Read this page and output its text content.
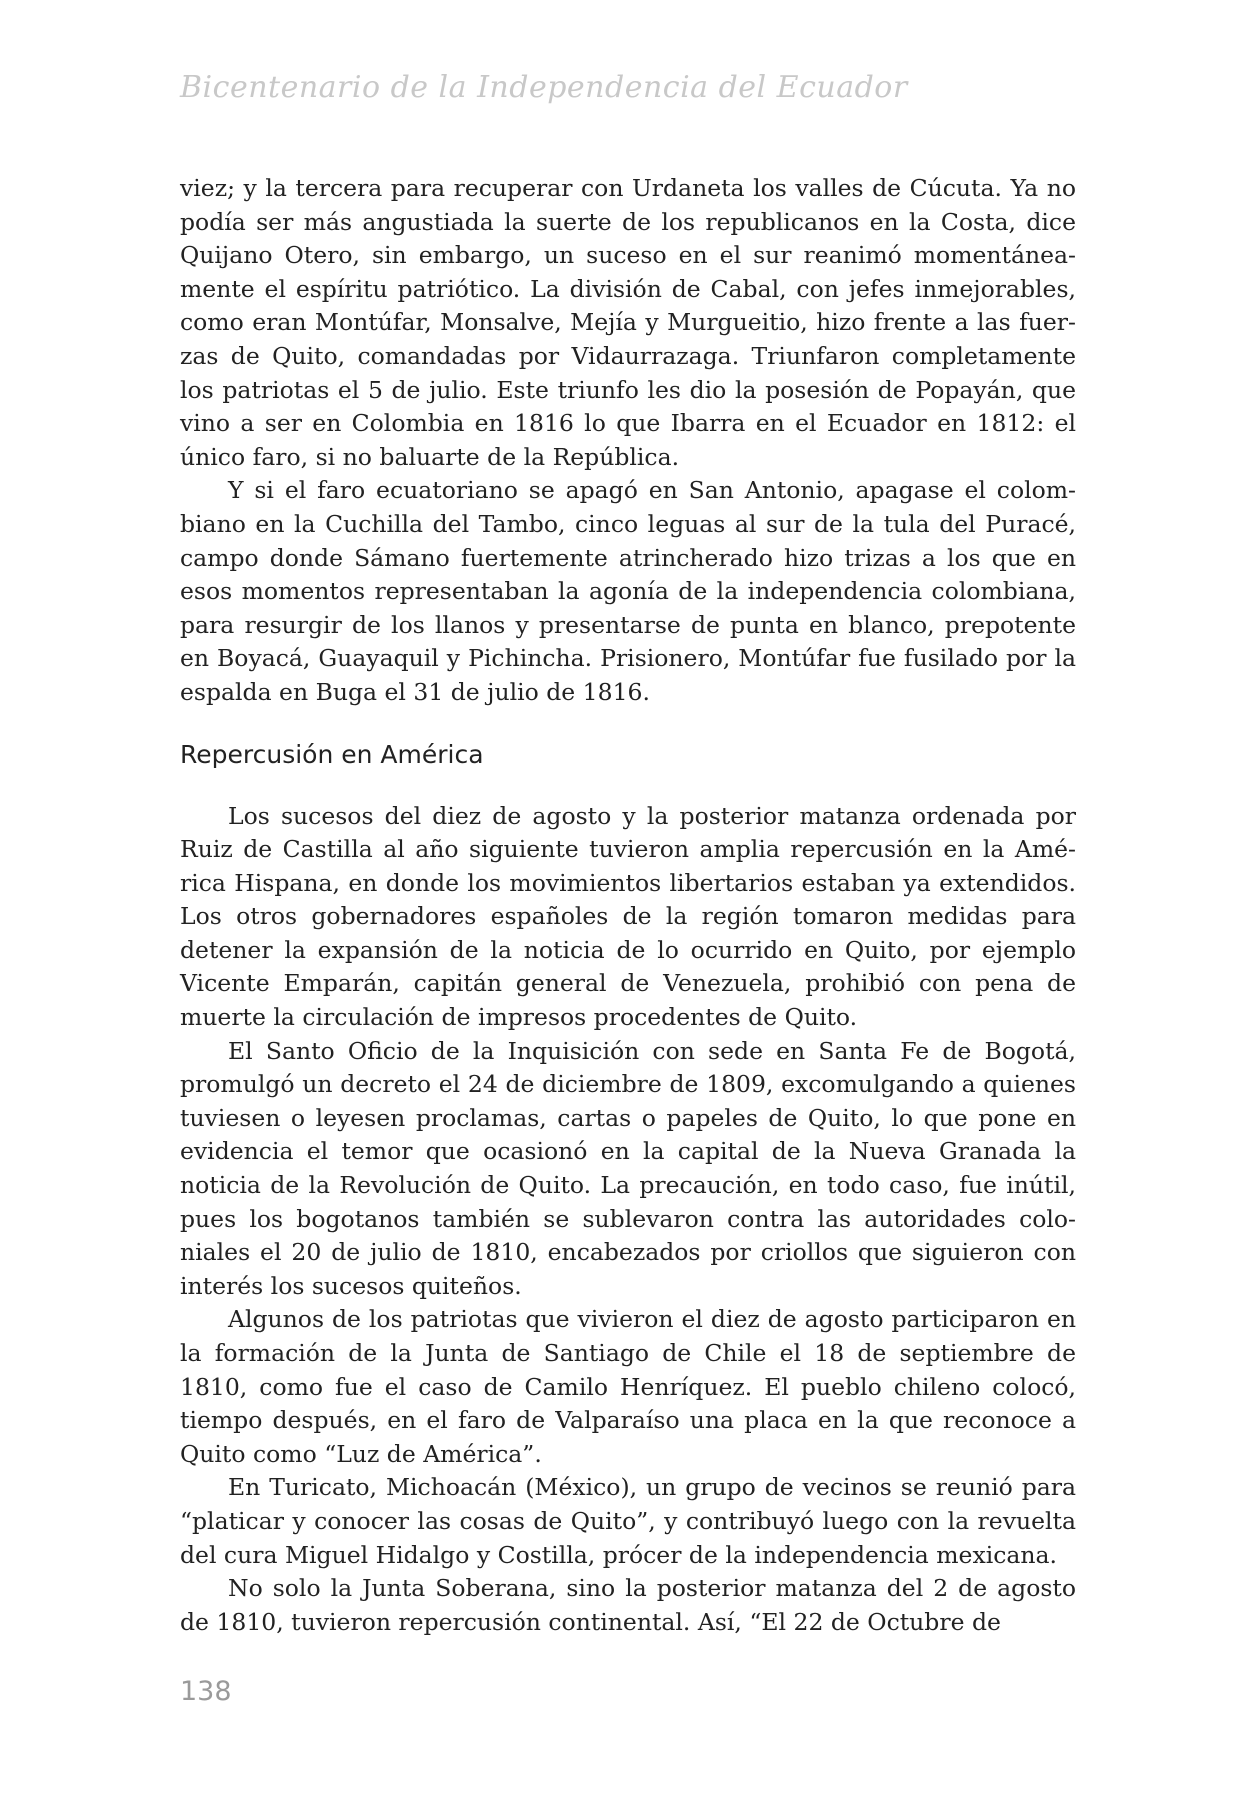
Bicentenario de la Independencia del Ecuador

viez; y la tercera para recuperar con Urdaneta los valles de Cúcuta. Ya no podía ser más angustiada la suerte de los republicanos en la Costa, dice Quijano Otero, sin embargo, un suceso en el sur reanimó momentáneamente el espíritu patriótico. La división de Cabal, con jefes inmejorables, como eran Montúfar, Monsalve, Mejía y Murgueitio, hizo frente a las fuerzas de Quito, comandadas por Vidaurrazaga. Triunfaron completamente los patriotas el 5 de julio. Este triunfo les dio la posesión de Popayán, que vino a ser en Colombia en 1816 lo que Ibarra en el Ecuador en 1812: el único faro, si no baluarte de la República.

Y si el faro ecuatoriano se apagó en San Antonio, apagase el colombiano en la Cuchilla del Tambo, cinco leguas al sur de la tula del Puracé, campo donde Sámano fuertemente atrincherado hizo trizas a los que en esos momentos representaban la agonía de la independencia colombiana, para resurgir de los llanos y presentarse de punta en blanco, prepotente en Boyacá, Guayaquil y Pichincha. Prisionero, Montúfar fue fusilado por la espalda en Buga el 31 de julio de 1816.

Repercusión en América

Los sucesos del diez de agosto y la posterior matanza ordenada por Ruiz de Castilla al año siguiente tuvieron amplia repercusión en la América Hispana, en donde los movimientos libertarios estaban ya extendidos. Los otros gobernadores españoles de la región tomaron medidas para detener la expansión de la noticia de lo ocurrido en Quito, por ejemplo Vicente Emparán, capitán general de Venezuela, prohibió con pena de muerte la circulación de impresos procedentes de Quito.

El Santo Oficio de la Inquisición con sede en Santa Fe de Bogotá, promulgó un decreto el 24 de diciembre de 1809, excomulgando a quienes tuviesen o leyesen proclamas, cartas o papeles de Quito, lo que pone en evidencia el temor que ocasionó en la capital de la Nueva Granada la noticia de la Revolución de Quito. La precaución, en todo caso, fue inútil, pues los bogotanos también se sublevaron contra las autoridades coloniales el 20 de julio de 1810, encabezados por criollos que siguieron con interés los sucesos quiteños.

Algunos de los patriotas que vivieron el diez de agosto participaron en la formación de la Junta de Santiago de Chile el 18 de septiembre de 1810, como fue el caso de Camilo Henríquez. El pueblo chileno colocó, tiempo después, en el faro de Valparaíso una placa en la que reconoce a Quito como “Luz de América”.

En Turicato, Michoacán (México), un grupo de vecinos se reunió para “platicar y conocer las cosas de Quito”, y contribuyó luego con la revuelta del cura Miguel Hidalgo y Costilla, prócer de la independencia mexicana.

No solo la Junta Soberana, sino la posterior matanza del 2 de agosto de 1810, tuvieron repercusión continental. Así, “El 22 de Octubre de

138
